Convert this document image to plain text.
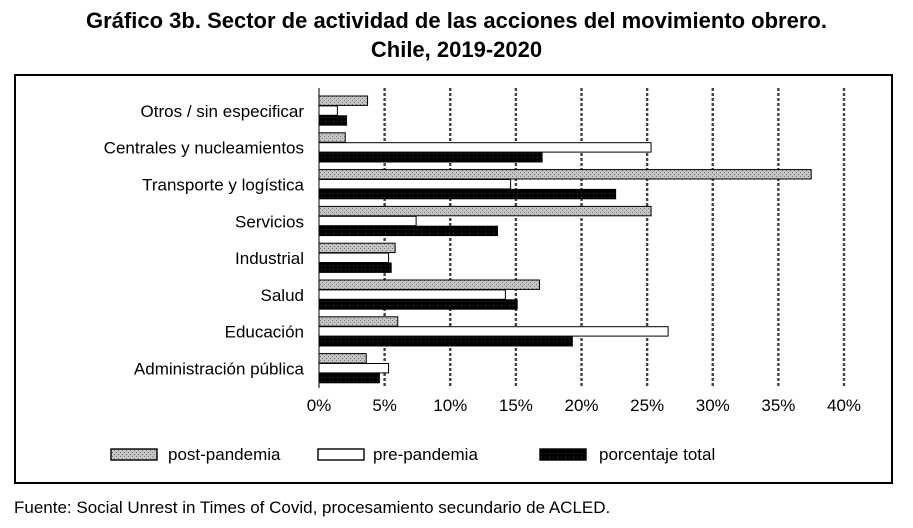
Gráfico 3b. Sector de actividad de las acciones del movimiento obrero.
Chile, 2019-2020
Otros / sin especificar
Centrales y nucleamientos
Transporte y logística
Servicios
Industrial
Salud
Educación
Administración pública
0% 5% 10% 15% 20% 25% 30% 35% 40%
post-pandemia	pre-pandemia	porcentaje total
Fuente: Social Unrest in Times of Covid, procesamiento secundario de ACLED.
